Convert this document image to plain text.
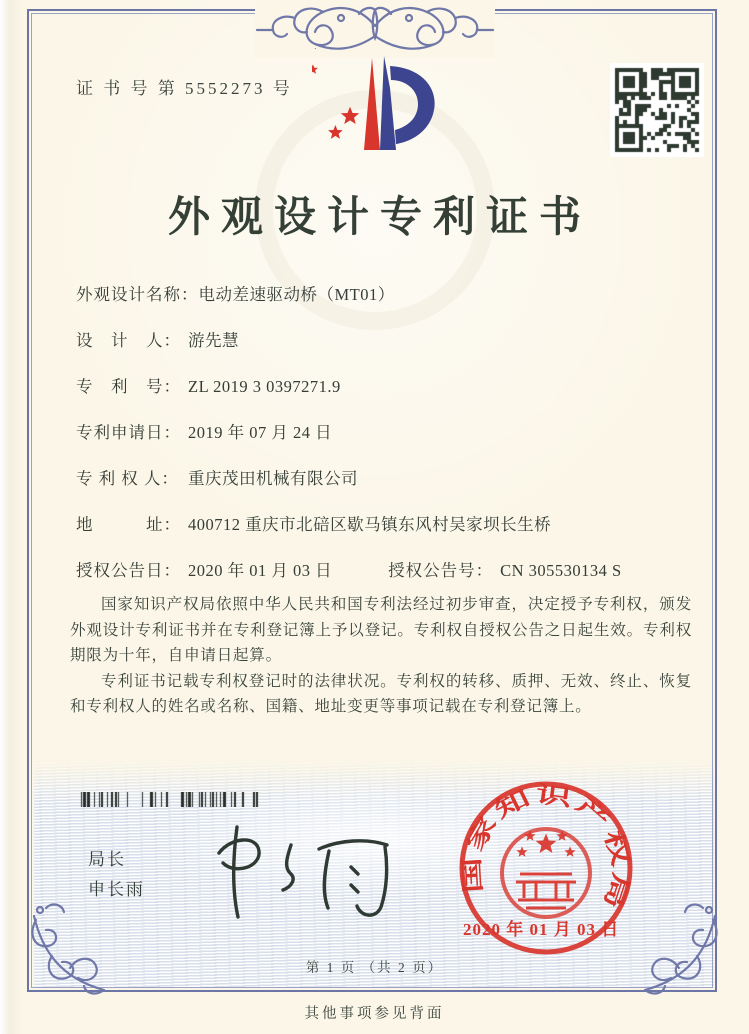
证 书 号 第 5552273 号
外观设计专利证书
外观设计名称： 电动差速驱动桥（MT01）
设　计　人： 游先慧
专　利　号： ZL 2019 3 0397271.9
专利申请日： 2019 年 07 月 24 日
专 利 权 人： 重庆茂田机械有限公司
地　　　址： 400712 重庆市北碚区歇马镇东风村吴家坝长生桥
授权公告日： 2020 年 01 月 03 日	授权公告号： CN 305530134 S

国家知识产权局依照中华人民共和国专利法经过初步审查，决定授予专利权，颁发外观设计专利证书并在专利登记簿上予以登记。专利权自授权公告之日起生效。专利权期限为十年，自申请日起算。

专利证书记载专利权登记时的法律状况。专利权的转移、质押、无效、终止、恢复和专利权人的姓名或名称、国籍、地址变更等事项记载在专利登记簿上。

局长
申长雨	国家知识产权局
2020 年 01 月 03 日
第 1 页 （共 2 页）
其他事项参见背面
